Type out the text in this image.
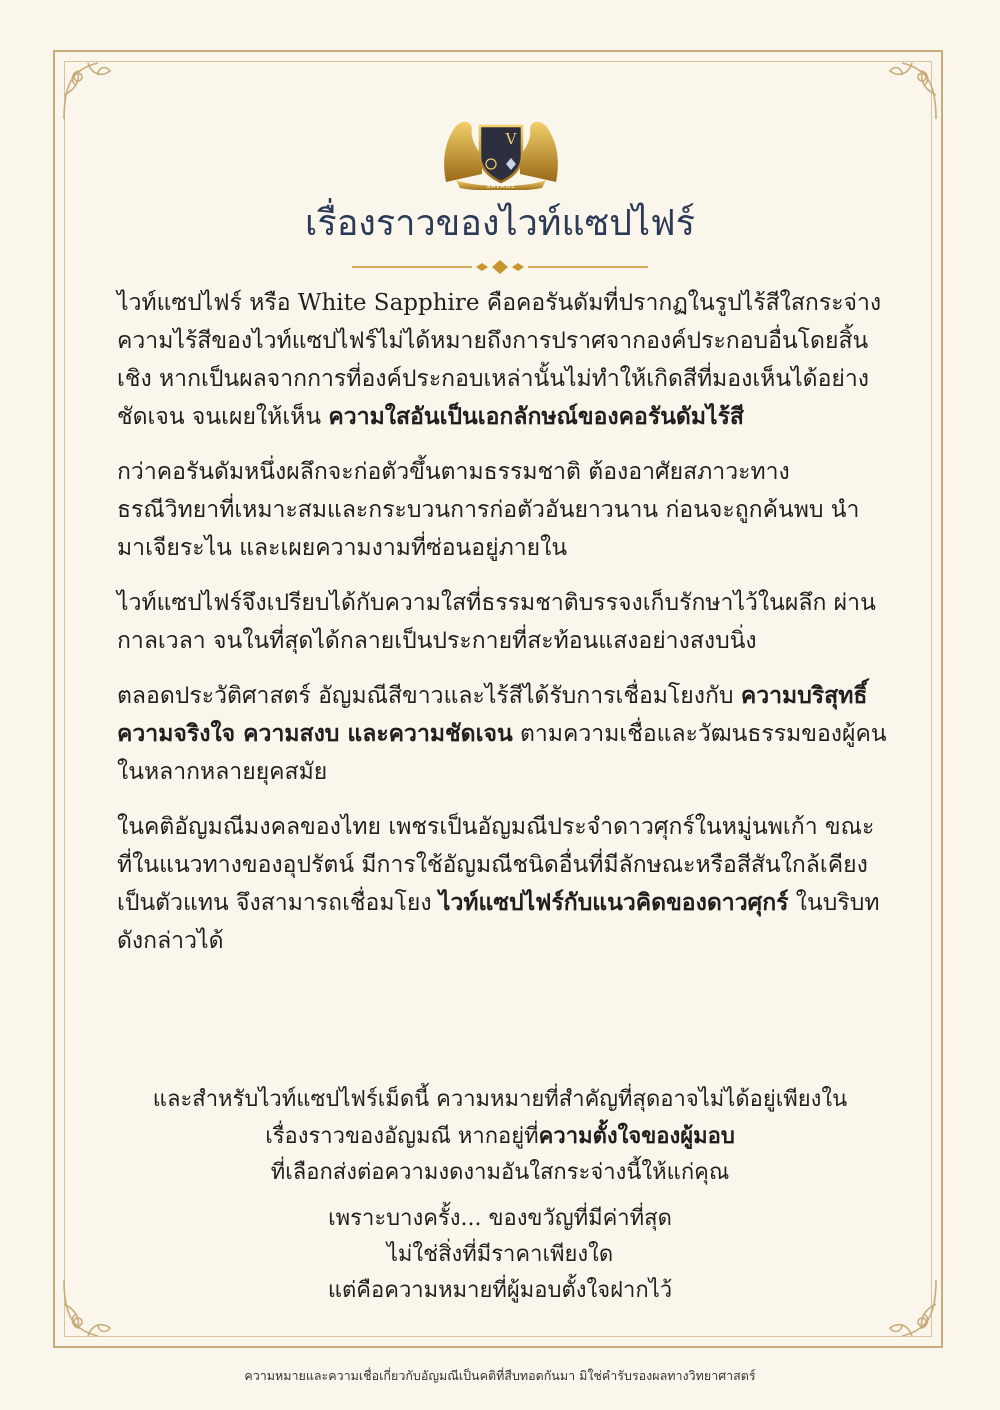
V
SAVAGE
เรื่องราวของไวท์แซปไฟร์

ไวท์แซปไฟร์ หรือ White Sapphire คือคอรันดัมที่ปรากฏในรูปไร้สีใสกระจ่าง ความไร้สีของไวท์แซปไฟร์ไม่ได้หมายถึงการปราศจากองค์ประกอบอื่นโดยสิ้นเชิง หากเป็นผลจากการที่องค์ประกอบเหล่านั้นไม่ทำให้เกิดสีที่มองเห็นได้อย่างชัดเจน จนเผยให้เห็น ความใสอันเป็นเอกลักษณ์ของคอรันดัมไร้สี

กว่าคอรันดัมหนึ่งผลึกจะก่อตัวขึ้นตามธรรมชาติ ต้องอาศัยสภาวะทางธรณีวิทยาที่เหมาะสมและกระบวนการก่อตัวอันยาวนาน ก่อนจะถูกค้นพบ นำมาเจียระไน และเผยความงามที่ซ่อนอยู่ภายใน

ไวท์แซปไฟร์จึงเปรียบได้กับความใสที่ธรรมชาติบรรจงเก็บรักษาไว้ในผลึก ผ่านกาลเวลา จนในที่สุดได้กลายเป็นประกายที่สะท้อนแสงอย่างสงบนิ่ง

ตลอดประวัติศาสตร์ อัญมณีสีขาวและไร้สีได้รับการเชื่อมโยงกับ ความบริสุทธิ์ ความจริงใจ ความสงบ และความชัดเจน ตามความเชื่อและวัฒนธรรมของผู้คนในหลากหลายยุคสมัย

ในคติอัญมณีมงคลของไทย เพชรเป็นอัญมณีประจำดาวศุกร์ในหมู่นพเก้า ขณะที่ในแนวทางของอุปรัตน์ มีการใช้อัญมณีชนิดอื่นที่มีลักษณะหรือสีสันใกล้เคียงเป็นตัวแทน จึงสามารถเชื่อมโยง ไวท์แซปไฟร์กับแนวคิดของดาวศุกร์ ในบริบทดังกล่าวได้

และสำหรับไวท์แซปไฟร์เม็ดนี้ ความหมายที่สำคัญที่สุดอาจไม่ได้อยู่เพียงใน

เรื่องราวของอัญมณี หากอยู่ที่ความตั้งใจของผู้มอบ

ที่เลือกส่งต่อความงดงามอันใสกระจ่างนี้ให้แก่คุณ

เพราะบางครั้ง... ของขวัญที่มีค่าที่สุด

ไม่ใช่สิ่งที่มีราคาเพียงใด

แต่คือความหมายที่ผู้มอบตั้งใจฝากไว้

ความหมายและความเชื่อเกี่ยวกับอัญมณีเป็นคติที่สืบทอดกันมา มิใช่คำรับรองผลทางวิทยาศาสตร์
